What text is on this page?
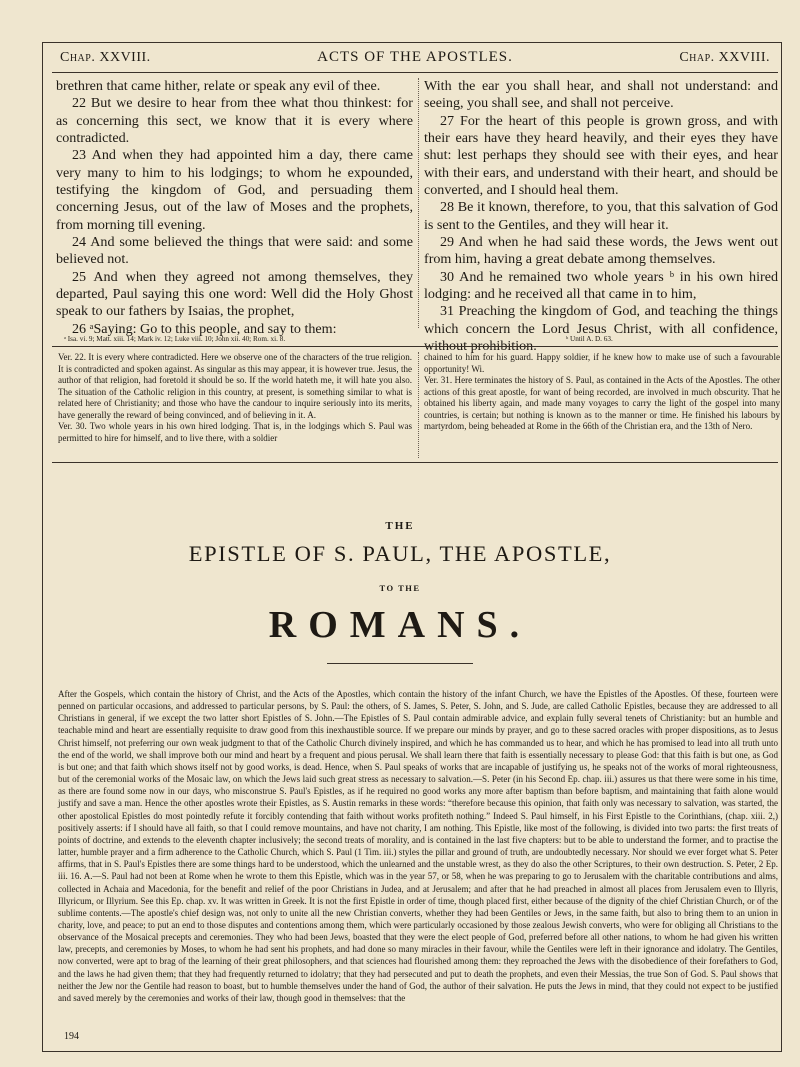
Chap. XXVIII.	ACTS OF THE APOSTLES.	Chap. XXVIII.

brethren that came hither, relate or speak any evil of thee.

22 But we desire to hear from thee what thou thinkest: for as concerning this sect, we know that it is every where contradicted.

23 And when they had appointed him a day, there came very many to him to his lodgings; to whom he expounded, testifying the kingdom of God, and persuading them concerning Jesus, out of the law of Moses and the prophets, from morning till evening.

24 And some believed the things that were said: and some believed not.

25 And when they agreed not among themselves, they departed, Paul saying this one word: Well did the Holy Ghost speak to our fathers by Isaias, the prophet,

26 ᵃSaying: Go to this people, and say to them:

With the ear you shall hear, and shall not understand: and seeing, you shall see, and shall not perceive.

27 For the heart of this people is grown gross, and with their ears have they heard heavily, and their eyes they have shut: lest perhaps they should see with their eyes, and hear with their ears, and understand with their heart, and should be converted, and I should heal them.

28 Be it known, therefore, to you, that this salvation of God is sent to the Gentiles, and they will hear it.

29 And when he had said these words, the Jews went out from him, having a great debate among themselves.

30 And he remained two whole years ᵇ in his own hired lodging: and he received all that came in to him,

31 Preaching the kingdom of God, and teaching the things which concern the Lord Jesus Christ, with all confidence, without prohibition.

ᵃ Isa. vi. 9; Matt. xiii. 14; Mark iv. 12; Luke viii. 10; John xii. 40; Rom. xi. 8.	ᵇ Until A. D. 63.

Ver. 22. It is every where contradicted. Here we observe one of the characters of the true religion. It is contradicted and spoken against. As singular as this may appear, it is however true. Jesus, the author of that religion, had foretold it should be so. If the world hateth me, it will hate you also. The situation of the Catholic religion in this country, at present, is something similar to what is related here of Christianity; and those who have the candour to inquire seriously into its merits, have generally the reward of being convinced, and of believing in it. A.

Ver. 30. Two whole years in his own hired lodging. That is, in the lodgings which S. Paul was permitted to hire for himself, and to live there, with a soldier

chained to him for his guard. Happy soldier, if he knew how to make use of such a favourable opportunity! Wi.

Ver. 31. Here terminates the history of S. Paul, as contained in the Acts of the Apostles. The other actions of this great apostle, for want of being recorded, are involved in much obscurity. That he obtained his liberty again, and made many voyages to carry the light of the gospel into many countries, is certain; but nothing is known as to the manner or time. He finished his labours by martyrdom, being beheaded at Rome in the 66th of the Christian era, and the 13th of Nero.

THE
EPISTLE OF S. PAUL, THE APOSTLE,
TO THE
ROMANS.

After the Gospels, which contain the history of Christ, and the Acts of the Apostles, which contain the history of the infant Church, we have the Epistles of the Apostles. Of these, fourteen were penned on particular occasions, and addressed to particular persons, by S. Paul: the others, of S. James, S. Peter, S. John, and S. Jude, are called Catholic Epistles, because they are addressed to all Christians in general, if we except the two latter short Epistles of S. John.—The Epistles of S. Paul contain admirable advice, and explain fully several tenets of Christianity: but an humble and teachable mind and heart are essentially requisite to draw good from this inexhaustible source. If we prepare our minds by prayer, and go to these sacred oracles with proper dispositions, as to Jesus Christ himself, not preferring our own weak judgment to that of the Catholic Church divinely inspired, and which he has commanded us to hear, and which he has promised to lead into all truth unto the end of the world, we shall improve both our mind and heart by a frequent and pious perusal. We shall learn there that faith is essentially necessary to please God: that this faith is but one, as God is but one; and that faith which shows itself not by good works, is dead. Hence, when S. Paul speaks of works that are incapable of justifying us, he speaks not of the works of moral righteousness, but of the ceremonial works of the Mosaic law, on which the Jews laid such great stress as necessary to salvation.—S. Peter (in his Second Ep. chap. iii.) assures us that there were some in his time, as there are found some now in our days, who misconstrue S. Paul's Epistles, as if he required no good works any more after baptism than before baptism, and maintaining that faith alone would justify and save a man. Hence the other apostles wrote their Epistles, as S. Austin remarks in these words: “therefore because this opinion, that faith only was necessary to salvation, was started, the other apostolical Epistles do most pointedly refute it forcibly contending that faith without works profiteth nothing.” Indeed S. Paul himself, in his First Epistle to the Corinthians, (chap. xiii. 2,) positively asserts: if I should have all faith, so that I could remove mountains, and have not charity, I am nothing. This Epistle, like most of the following, is divided into two parts: the first treats of points of doctrine, and extends to the eleventh chapter inclusively; the second treats of morality, and is contained in the last five chapters: but to be able to understand the former, and to practise the latter, humble prayer and a firm adherence to the Catholic Church, which S. Paul (1 Tim. iii.) styles the pillar and ground of truth, are undoubtedly necessary. Nor should we ever forget what S. Peter affirms, that in S. Paul's Epistles there are some things hard to be understood, which the unlearned and the unstable wrest, as they do also the other Scriptures, to their own destruction. S. Peter, 2 Ep. iii. 16. A.—S. Paul had not been at Rome when he wrote to them this Epistle, which was in the year 57, or 58, when he was preparing to go to Jerusalem with the charitable contributions and alms, collected in Achaia and Macedonia, for the benefit and relief of the poor Christians in Judea, and at Jerusalem; and after that he had preached in almost all places from Jerusalem even to Illyris, Illyricum, or Illyrium. See this Ep. chap. xv. It was written in Greek. It is not the first Epistle in order of time, though placed first, either because of the dignity of the chief Christian Church, or of the sublime contents.—The apostle's chief design was, not only to unite all the new Christian converts, whether they had been Gentiles or Jews, in the same faith, but also to bring them to an union in charity, love, and peace; to put an end to those disputes and contentions among them, which were particularly occasioned by those zealous Jewish converts, who were for obliging all Christians to the observance of the Mosaical precepts and ceremonies. They who had been Jews, boasted that they were the elect people of God, preferred before all other nations, to whom he had given his written law, precepts, and ceremonies by Moses, to whom he had sent his prophets, and had done so many miracles in their favour, while the Gentiles were left in their ignorance and idolatry. The Gentiles, now converted, were apt to brag of the learning of their great philosophers, and that sciences had flourished among them: they reproached the Jews with the disobedience of their forefathers to God, and the laws he had given them; that they had frequently returned to idolatry; that they had persecuted and put to death the prophets, and even their Messias, the true Son of God. S. Paul shows that neither the Jew nor the Gentile had reason to boast, but to humble themselves under the hand of God, the author of their salvation. He puts the Jews in mind, that they could not expect to be justified and saved merely by the ceremonies and works of their law, though good in themselves: that the

194
